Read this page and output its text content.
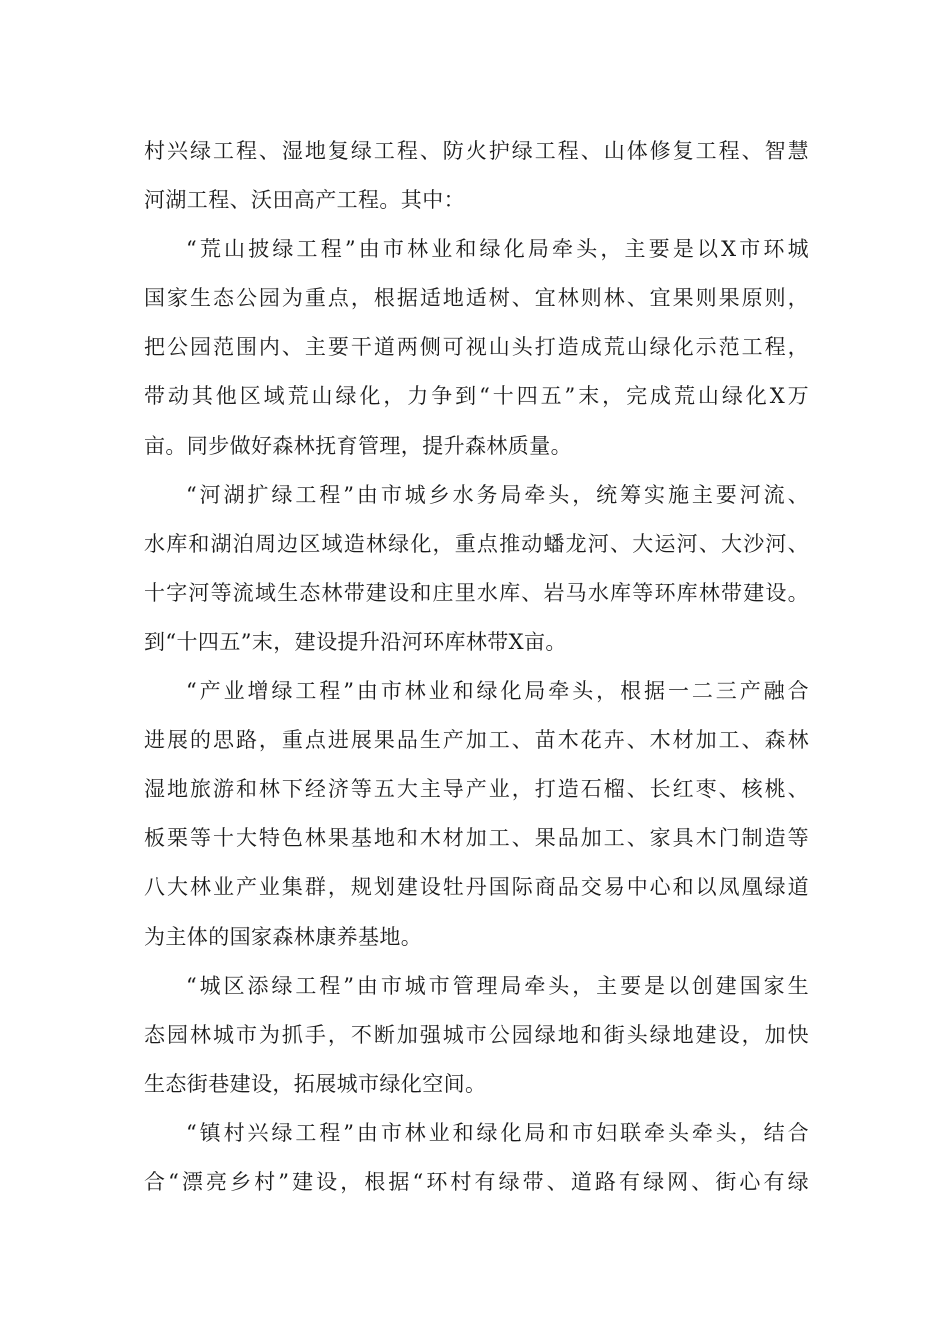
村兴绿工程、湿地复绿工程、防火护绿工程、山体修复工程、智慧
河湖工程、沃田高产工程。其中：
“荒山披绿工程”由市林业和绿化局牵头，主要是以X市环城
国家生态公园为重点，根据适地适树、宜林则林、宜果则果原则，
把公园范围内、主要干道两侧可视山头打造成荒山绿化示范工程，
带动其他区域荒山绿化，力争到“十四五”末，完成荒山绿化X万
亩。同步做好森林抚育管理，提升森林质量。
“河湖扩绿工程”由市城乡水务局牵头，统筹实施主要河流、
水库和湖泊周边区域造林绿化，重点推动蟠龙河、大运河、大沙河、
十字河等流域生态林带建设和庄里水库、岩马水库等环库林带建设。
到“十四五”末，建设提升沿河环库林带X亩。
“产业增绿工程”由市林业和绿化局牵头，根据一二三产融合
进展的思路，重点进展果品生产加工、苗木花卉、木材加工、森林
湿地旅游和林下经济等五大主导产业，打造石榴、长红枣、核桃、
板栗等十大特色林果基地和木材加工、果品加工、家具木门制造等
八大林业产业集群，规划建设牡丹国际商品交易中心和以凤凰绿道
为主体的国家森林康养基地。
“城区添绿工程”由市城市管理局牵头，主要是以创建国家生
态园林城市为抓手，不断加强城市公园绿地和街头绿地建设，加快
生态街巷建设，拓展城市绿化空间。
“镇村兴绿工程”由市林业和绿化局和市妇联牵头牵头，结合
合“漂亮乡村”建设，根据“环村有绿带、道路有绿网、街心有绿
